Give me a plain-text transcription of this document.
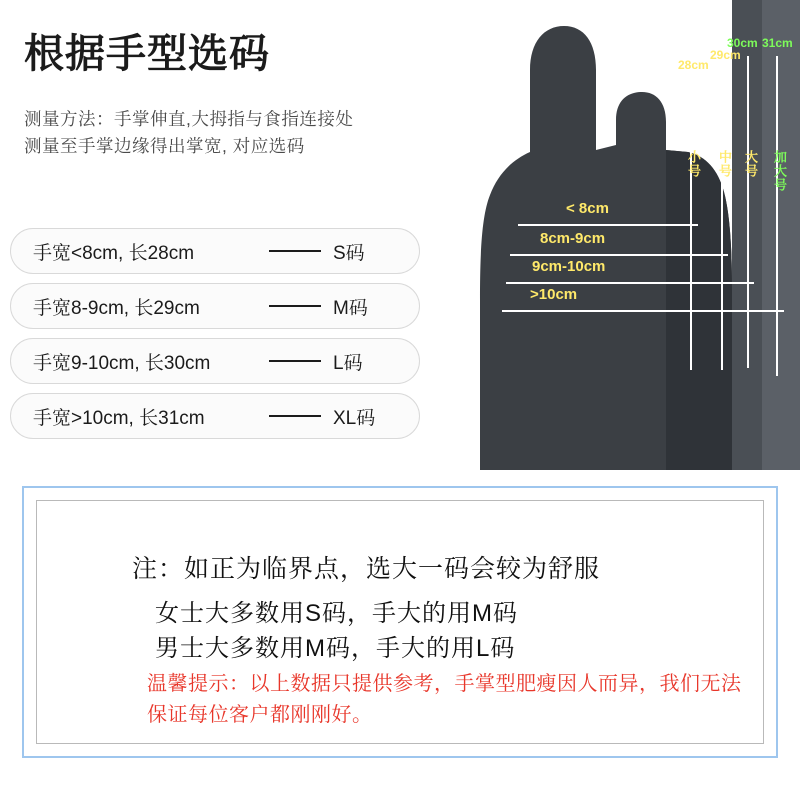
根据手型选码
测量方法：手掌伸直,大拇指与食指连接处测量至手掌边缘得出掌宽, 对应选码
手宽<8cm, 长28cm	S码
手宽8-9cm, 长29cm	M码
手宽9-10cm, 长30cm	L码
手宽>10cm, 长31cm	XL码
28cm
小号
29cm
中号
30cm
大号
31cm
加大号
< 8cm
8cm-9cm
9cm-10cm
>10cm
注：如正为临界点，选大一码会较为舒服
女士大多数用S码，手大的用M码
男士大多数用M码，手大的用L码
温馨提示：以上数据只提供参考，手掌型肥瘦因人而异，我们无法保证每位客户都刚刚好。
